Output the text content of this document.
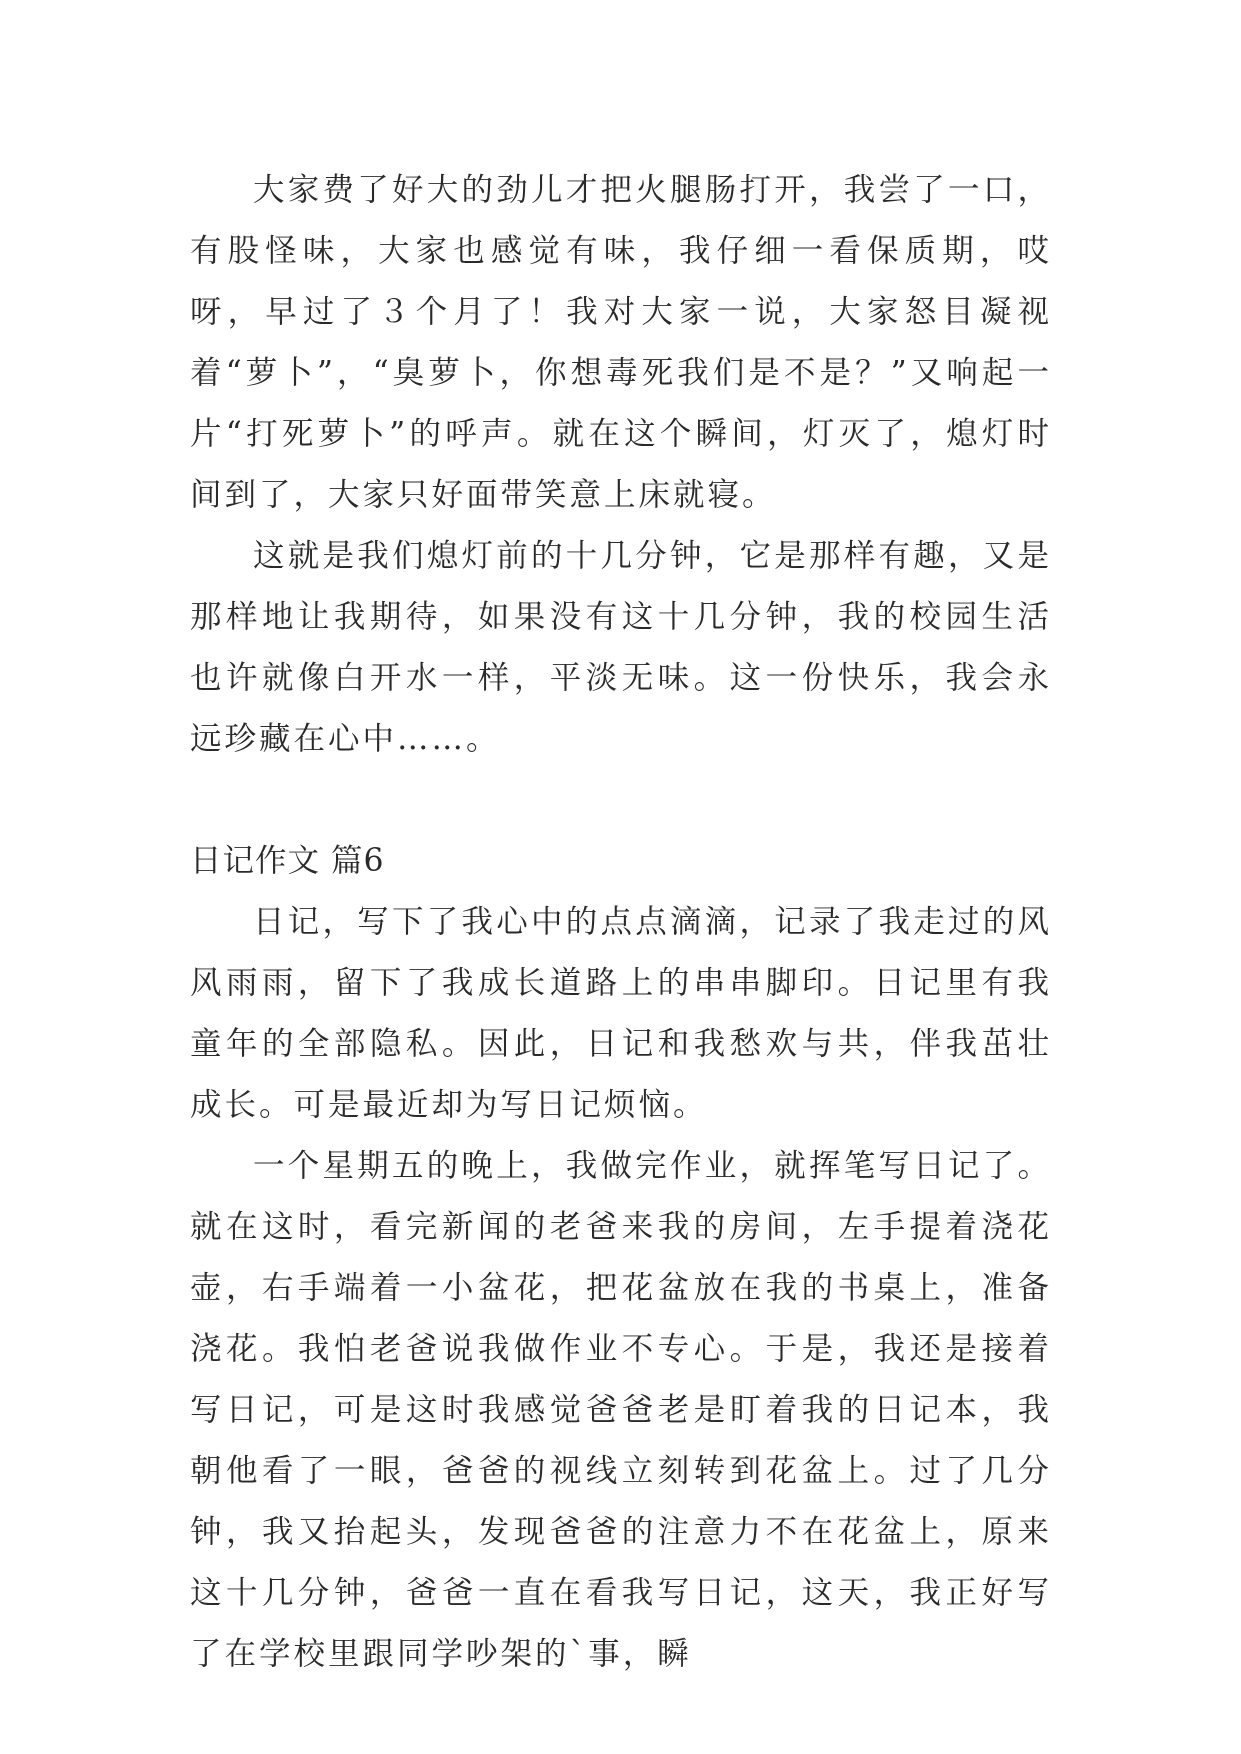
大家费了好大的劲儿才把火腿肠打开，我尝了一口，有股怪味，大家也感觉有味，我仔细一看保质期，哎呀，早过了３个月了！我对大家一说，大家怒目凝视着“萝卜”，“臭萝卜，你想毒死我们是不是？”又响起一片“打死萝卜”的呼声。就在这个瞬间，灯灭了，熄灯时间到了，大家只好面带笑意上床就寝。

这就是我们熄灯前的十几分钟，它是那样有趣，又是那样地让我期待，如果没有这十几分钟，我的校园生活也许就像白开水一样，平淡无味。这一份快乐，我会永远珍藏在心中……。

日记作文 篇6

日记，写下了我心中的点点滴滴，记录了我走过的风风雨雨，留下了我成长道路上的串串脚印。日记里有我童年的全部隐私。因此，日记和我愁欢与共，伴我茁壮成长。可是最近却为写日记烦恼。

一个星期五的晚上，我做完作业，就挥笔写日记了。就在这时，看完新闻的老爸来我的房间，左手提着浇花壶，右手端着一小盆花，把花盆放在我的书桌上，准备浇花。我怕老爸说我做作业不专心。于是，我还是接着写日记，可是这时我感觉爸爸老是盯着我的日记本，我朝他看了一眼，爸爸的视线立刻转到花盆上。过了几分钟，我又抬起头，发现爸爸的注意力不在花盆上，原来这十几分钟，爸爸一直在看我写日记，这天，我正好写了在学校里跟同学吵架的`事，瞬
